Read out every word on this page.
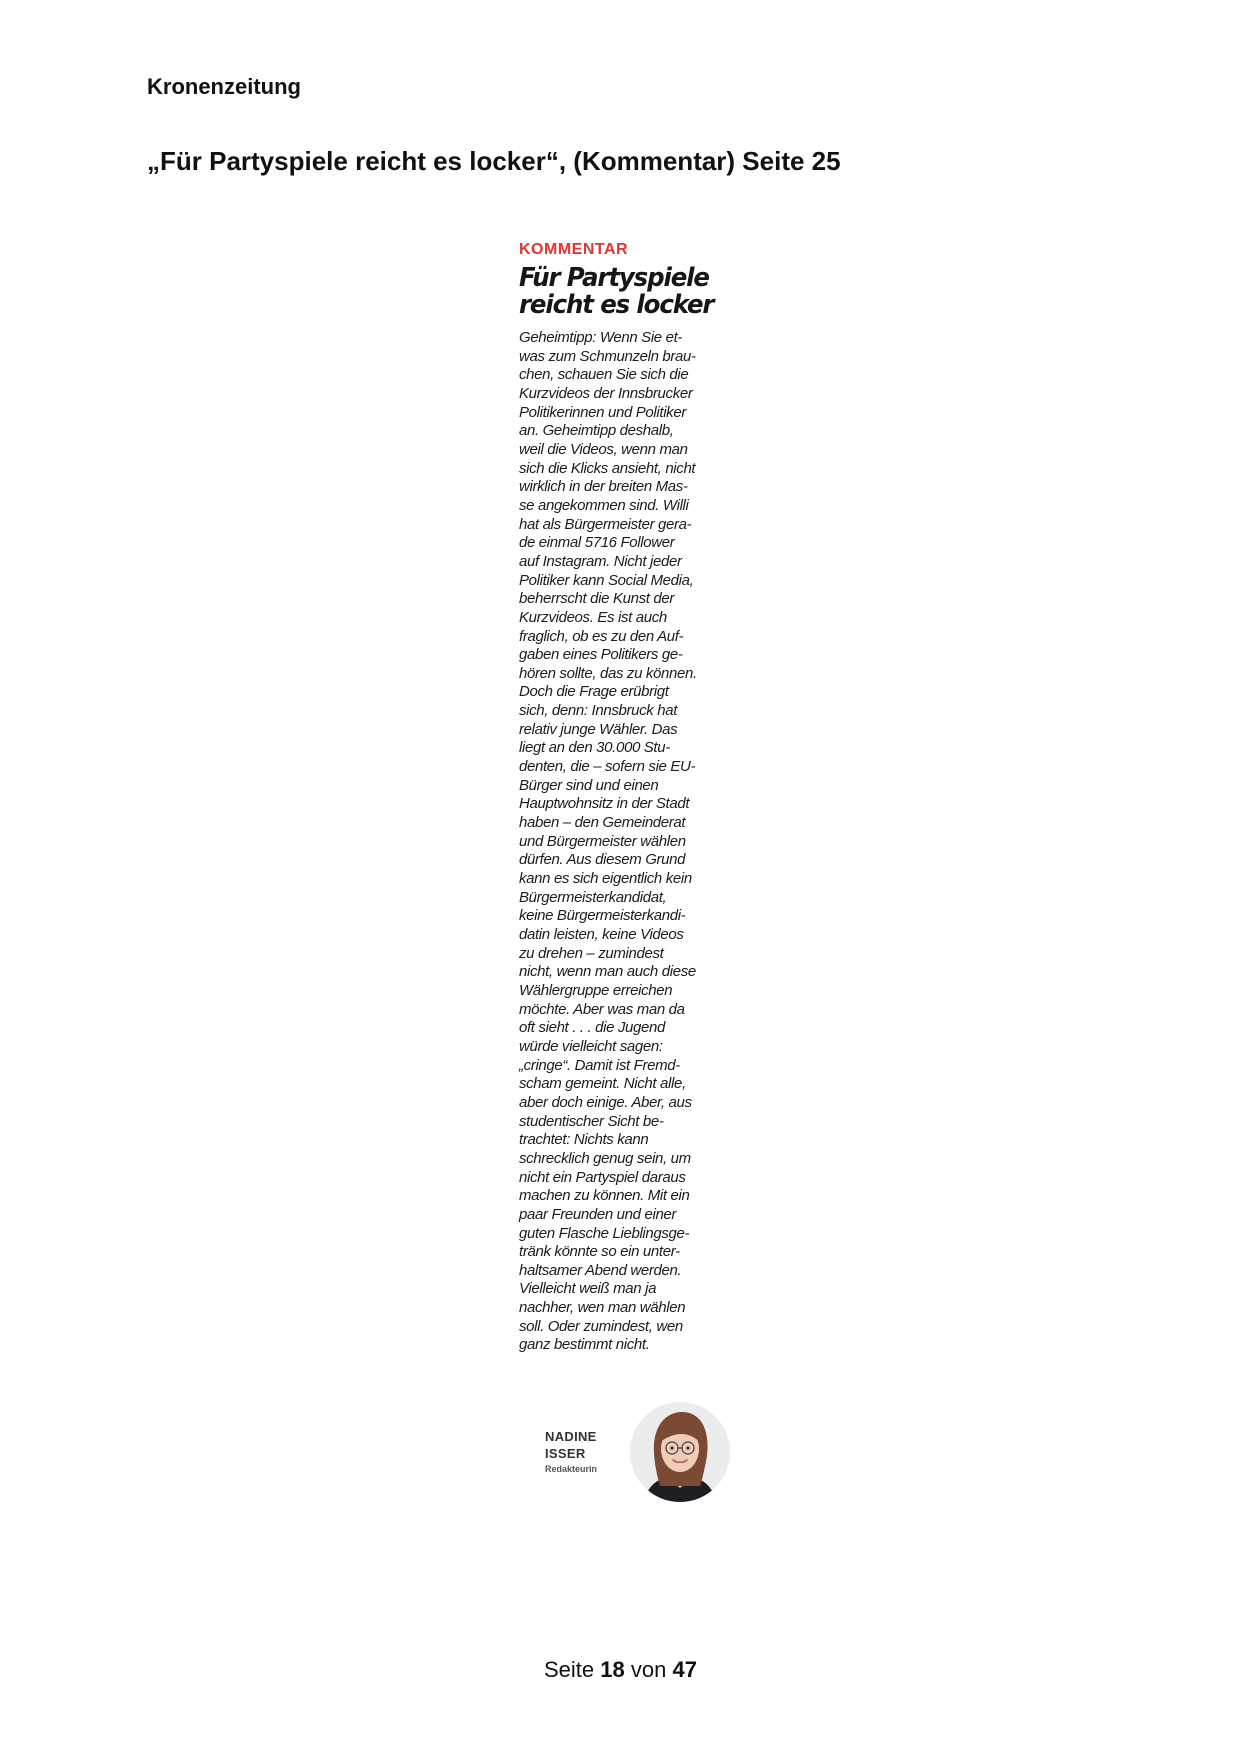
Kronenzeitung
„Für Partyspiele reicht es locker“, (Kommentar) Seite 25
KOMMENTAR
Für Partyspiele
reicht es locker
Geheimtipp: Wenn Sie et-
was zum Schmunzeln brau-
chen, schauen Sie sich die
Kurzvideos der Innsbrucker
Politikerinnen und Politiker
an. Geheimtipp deshalb,
weil die Videos, wenn man
sich die Klicks ansieht, nicht
wirklich in der breiten Mas-
se angekommen sind. Willi
hat als Bürgermeister gera-
de einmal 5716 Follower
auf Instagram. Nicht jeder
Politiker kann Social Media,
beherrscht die Kunst der
Kurzvideos. Es ist auch
fraglich, ob es zu den Auf-
gaben eines Politikers ge-
hören sollte, das zu können.
Doch die Frage erübrigt
sich, denn: Innsbruck hat
relativ junge Wähler. Das
liegt an den 30.000 Stu-
denten, die – sofern sie EU-
Bürger sind und einen
Hauptwohnsitz in der Stadt
haben – den Gemeinderat
und Bürgermeister wählen
dürfen. Aus diesem Grund
kann es sich eigentlich kein
Bürgermeisterkandidat,
keine Bürgermeisterkandi-
datin leisten, keine Videos
zu drehen – zumindest
nicht, wenn man auch diese
Wählergruppe erreichen
möchte. Aber was man da
oft sieht . . . die Jugend
würde vielleicht sagen:
„cringe“. Damit ist Fremd-
scham gemeint. Nicht alle,
aber doch einige. Aber, aus
studentischer Sicht be-
trachtet: Nichts kann
schrecklich genug sein, um
nicht ein Partyspiel daraus
machen zu können. Mit ein
paar Freunden und einer
guten Flasche Lieblingsge-
tränk könnte so ein unter-
haltsamer Abend werden.
Vielleicht weiß man ja
nachher, wen man wählen
soll. Oder zumindest, wen
ganz bestimmt nicht.
NADINE
ISSER
Redakteurin
Seite 18 von 47
